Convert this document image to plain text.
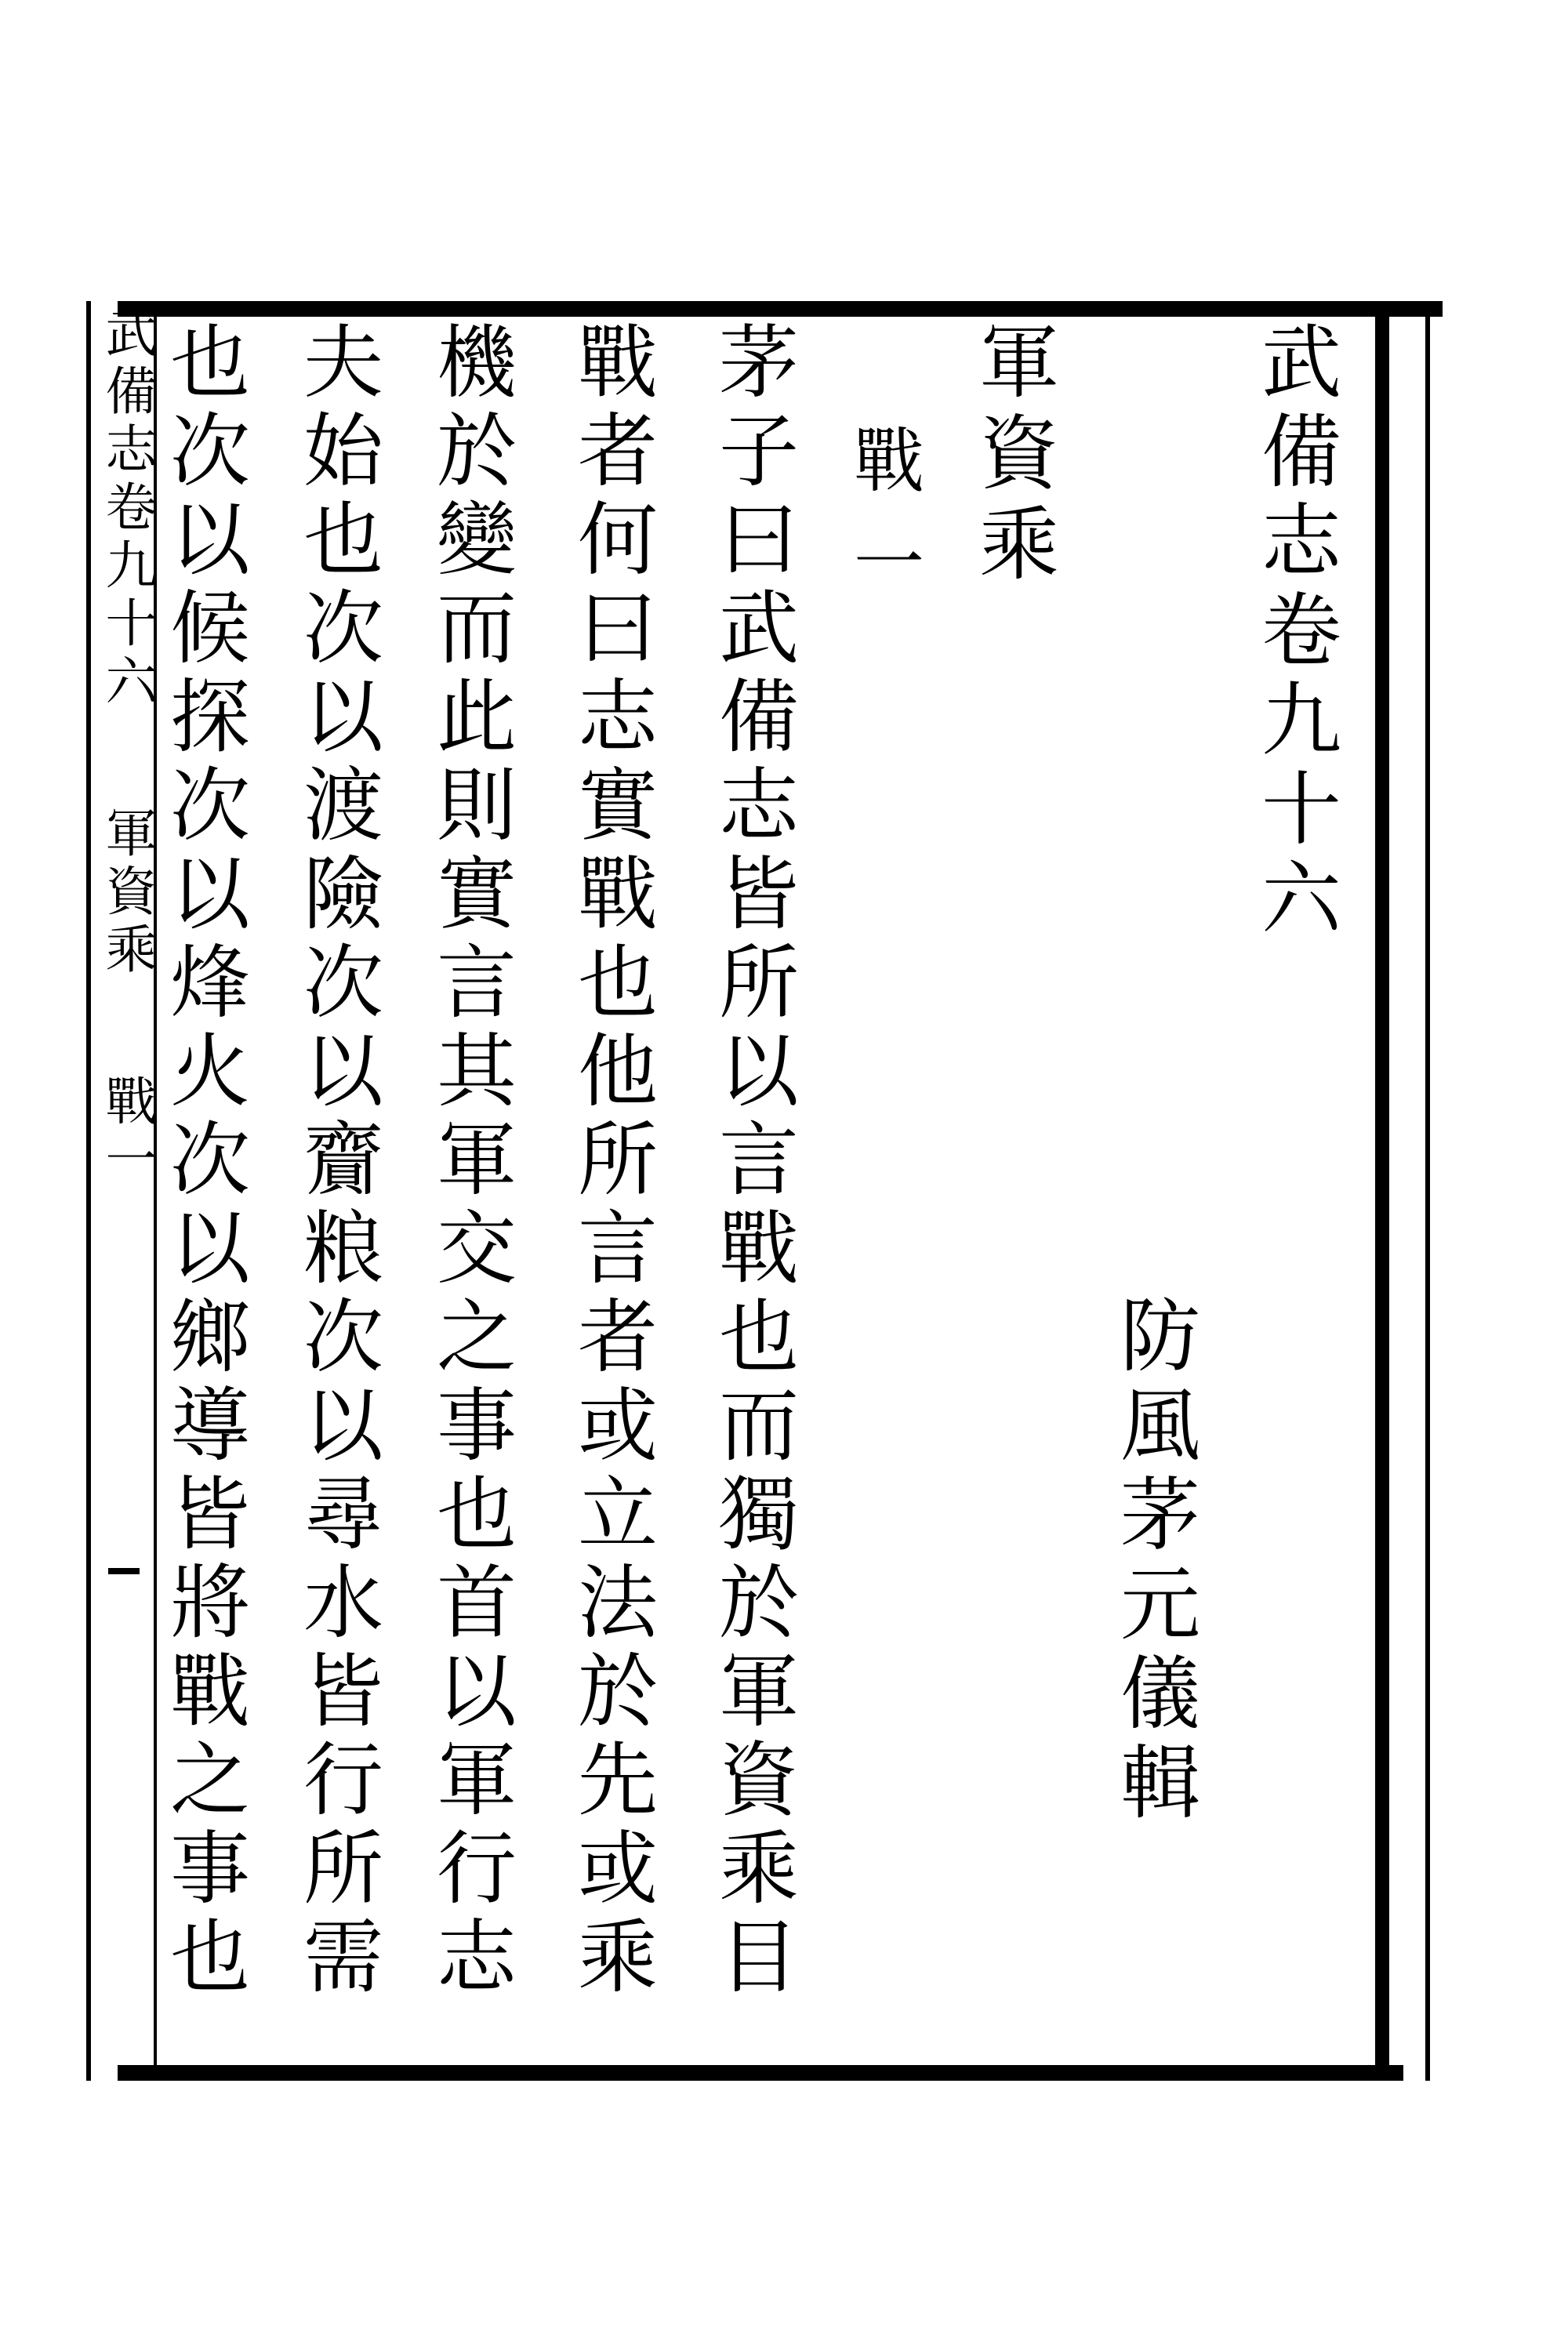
武備志卷九十六
防風茅元儀輯
軍資乘
戰一
茅子曰武備志皆所以言戰也而獨於軍資乘目
戰者何曰志實戰也他所言者或立法於先或乘
機於變而此則實言其軍交之事也首以軍行志
夫始也次以渡險次以齎粮次以尋水皆行所需
也次以候探次以烽火次以鄉導皆將戰之事也
武備志卷九十六軍資乘戰一
